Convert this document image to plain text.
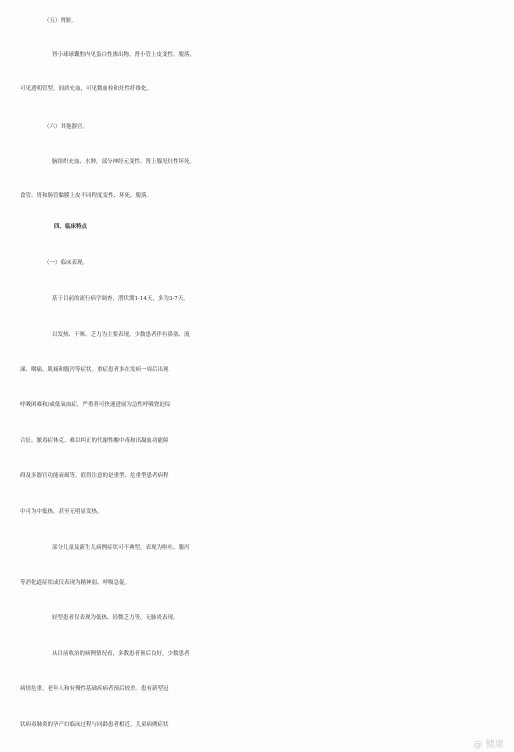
（五）肾脏。
肾小球球囊腔内见蛋白性渗出物，肾小管上皮变性、脱落，
可见透明管型。间质充血，可见微血栓和灶性纤维化。
（六）其他器官。
脑组织充血、水肿，部分神经元变性。肾上腺见灶性坏死。
食管、胃和肠管黏膜上皮不同程度变性、坏死、脱落。
四、临床特点
（一）临床表现。
基于目前的流行病学调查，潜伏期1-14天，多为3-7天。
以发热、干咳、乏力为主要表现。少数患者伴有鼻塞、流
涕、咽痛、肌痛和腹泻等症状。重症患者多在发病一周后出现
呼吸困难和/或低氧血症，严重者可快速进展为急性呼吸窘迫综
合征、脓毒症休克、难以纠正的代谢性酸中毒和出凝血功能障
碍及多器官功能衰竭等。值得注意的是重型、危重型患者病程
中可为中低热，甚至无明显发热。
部分儿童及新生儿病例症状可不典型，表现为呕吐、腹泻
等消化道症状或仅表现为精神弱、呼吸急促。
轻型患者仅表现为低热、轻微乏力等，无肺炎表现。
从目前收治的病例情况看，多数患者预后良好，少数患者
病情危重。老年人和有慢性基础疾病者预后较差。患有新型冠
状病毒肺炎的孕产妇临床过程与同龄患者相近。儿童病例症状
@ 健康
